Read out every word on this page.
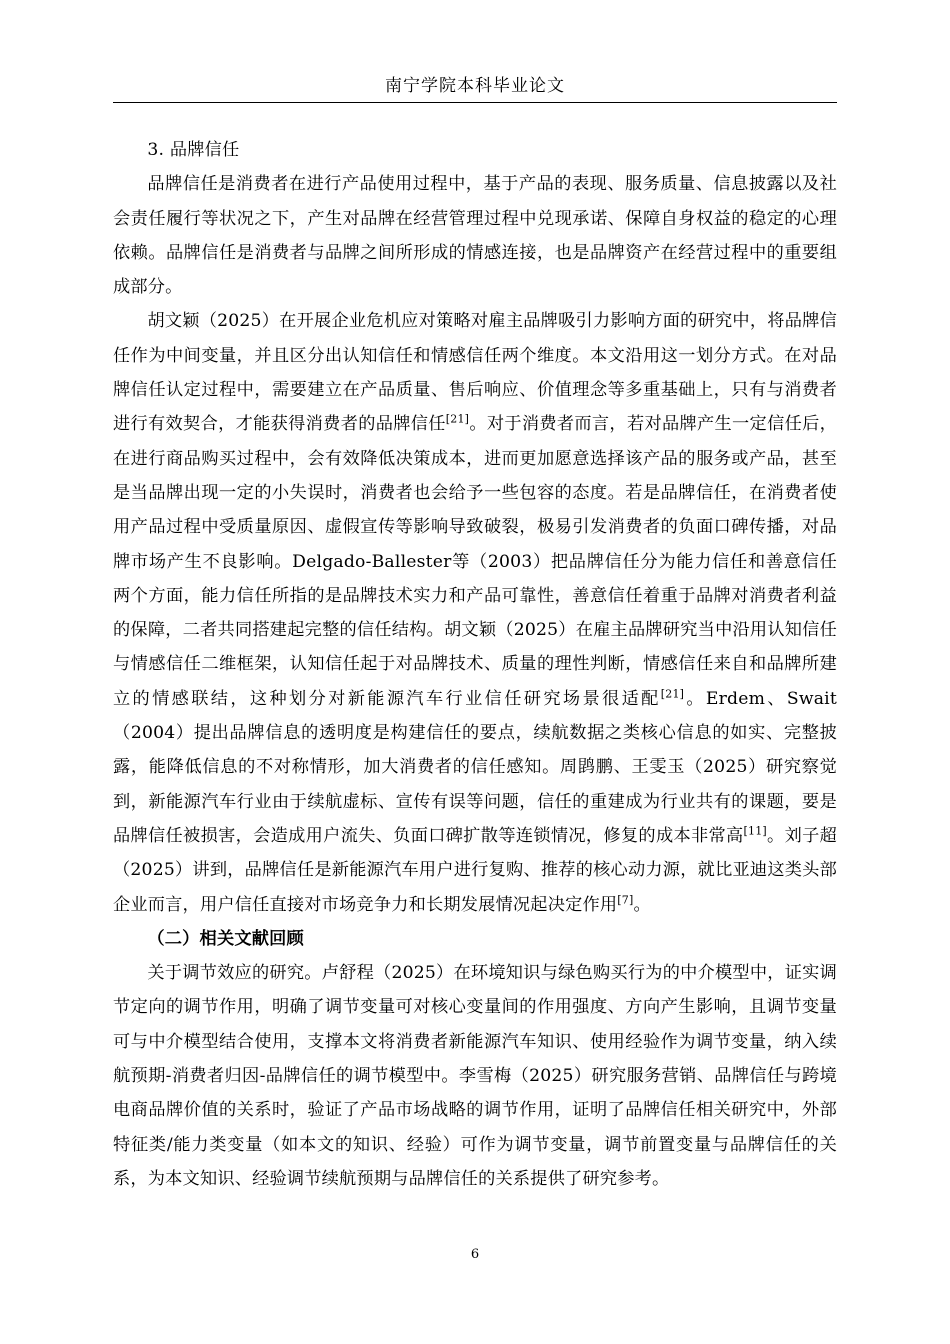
南宁学院本科毕业论文

3. 品牌信任

品牌信任是消费者在进行产品使用过程中，基于产品的表现、服务质量、信息披露以及社会责任履行等状况之下，产生对品牌在经营管理过程中兑现承诺、保障自身权益的稳定的心理依赖。品牌信任是消费者与品牌之间所形成的情感连接，也是品牌资产在经营过程中的重要组成部分。

胡文颖（2025）在开展企业危机应对策略对雇主品牌吸引力影响方面的研究中，将品牌信任作为中间变量，并且区分出认知信任和情感信任两个维度。本文沿用这一划分方式。在对品牌信任认定过程中，需要建立在产品质量、售后响应、价值理念等多重基础上，只有与消费者进行有效契合，才能获得消费者的品牌信任[21]。对于消费者而言，若对品牌产生一定信任后，在进行商品购买过程中，会有效降低决策成本，进而更加愿意选择该产品的服务或产品，甚至是当品牌出现一定的小失误时，消费者也会给予一些包容的态度。若是品牌信任，在消费者使用产品过程中受质量原因、虚假宣传等影响导致破裂，极易引发消费者的负面口碑传播，对品牌市场产生不良影响。Delgado-Ballester等（2003）把品牌信任分为能力信任和善意信任两个方面，能力信任所指的是品牌技术实力和产品可靠性，善意信任着重于品牌对消费者利益的保障，二者共同搭建起完整的信任结构。胡文颖（2025）在雇主品牌研究当中沿用认知信任与情感信任二维框架，认知信任起于对品牌技术、质量的理性判断，情感信任来自和品牌所建立的情感联结，这种划分对新能源汽车行业信任研究场景很适配[21]。Erdem、Swait（2004）提出品牌信息的透明度是构建信任的要点，续航数据之类核心信息的如实、完整披露，能降低信息的不对称情形，加大消费者的信任感知。周鹍鹏、王雯玉（2025）研究察觉到，新能源汽车行业由于续航虚标、宣传有误等问题，信任的重建成为行业共有的课题，要是品牌信任被损害，会造成用户流失、负面口碑扩散等连锁情况，修复的成本非常高[11]。刘子超（2025）讲到，品牌信任是新能源汽车用户进行复购、推荐的核心动力源，就比亚迪这类头部企业而言，用户信任直接对市场竞争力和长期发展情况起决定作用[7]。

（二）相关文献回顾

关于调节效应的研究。卢舒程（2025）在环境知识与绿色购买行为的中介模型中，证实调节定向的调节作用，明确了调节变量可对核心变量间的作用强度、方向产生影响，且调节变量可与中介模型结合使用，支撑本文将消费者新能源汽车知识、使用经验作为调节变量，纳入续航预期-消费者归因-品牌信任的调节模型中。李雪梅（2025）研究服务营销、品牌信任与跨境电商品牌价值的关系时，验证了产品市场战略的调节作用，证明了品牌信任相关研究中，外部特征类/能力类变量（如本文的知识、经验）可作为调节变量，调节前置变量与品牌信任的关系，为本文知识、经验调节续航预期与品牌信任的关系提供了研究参考。

6
